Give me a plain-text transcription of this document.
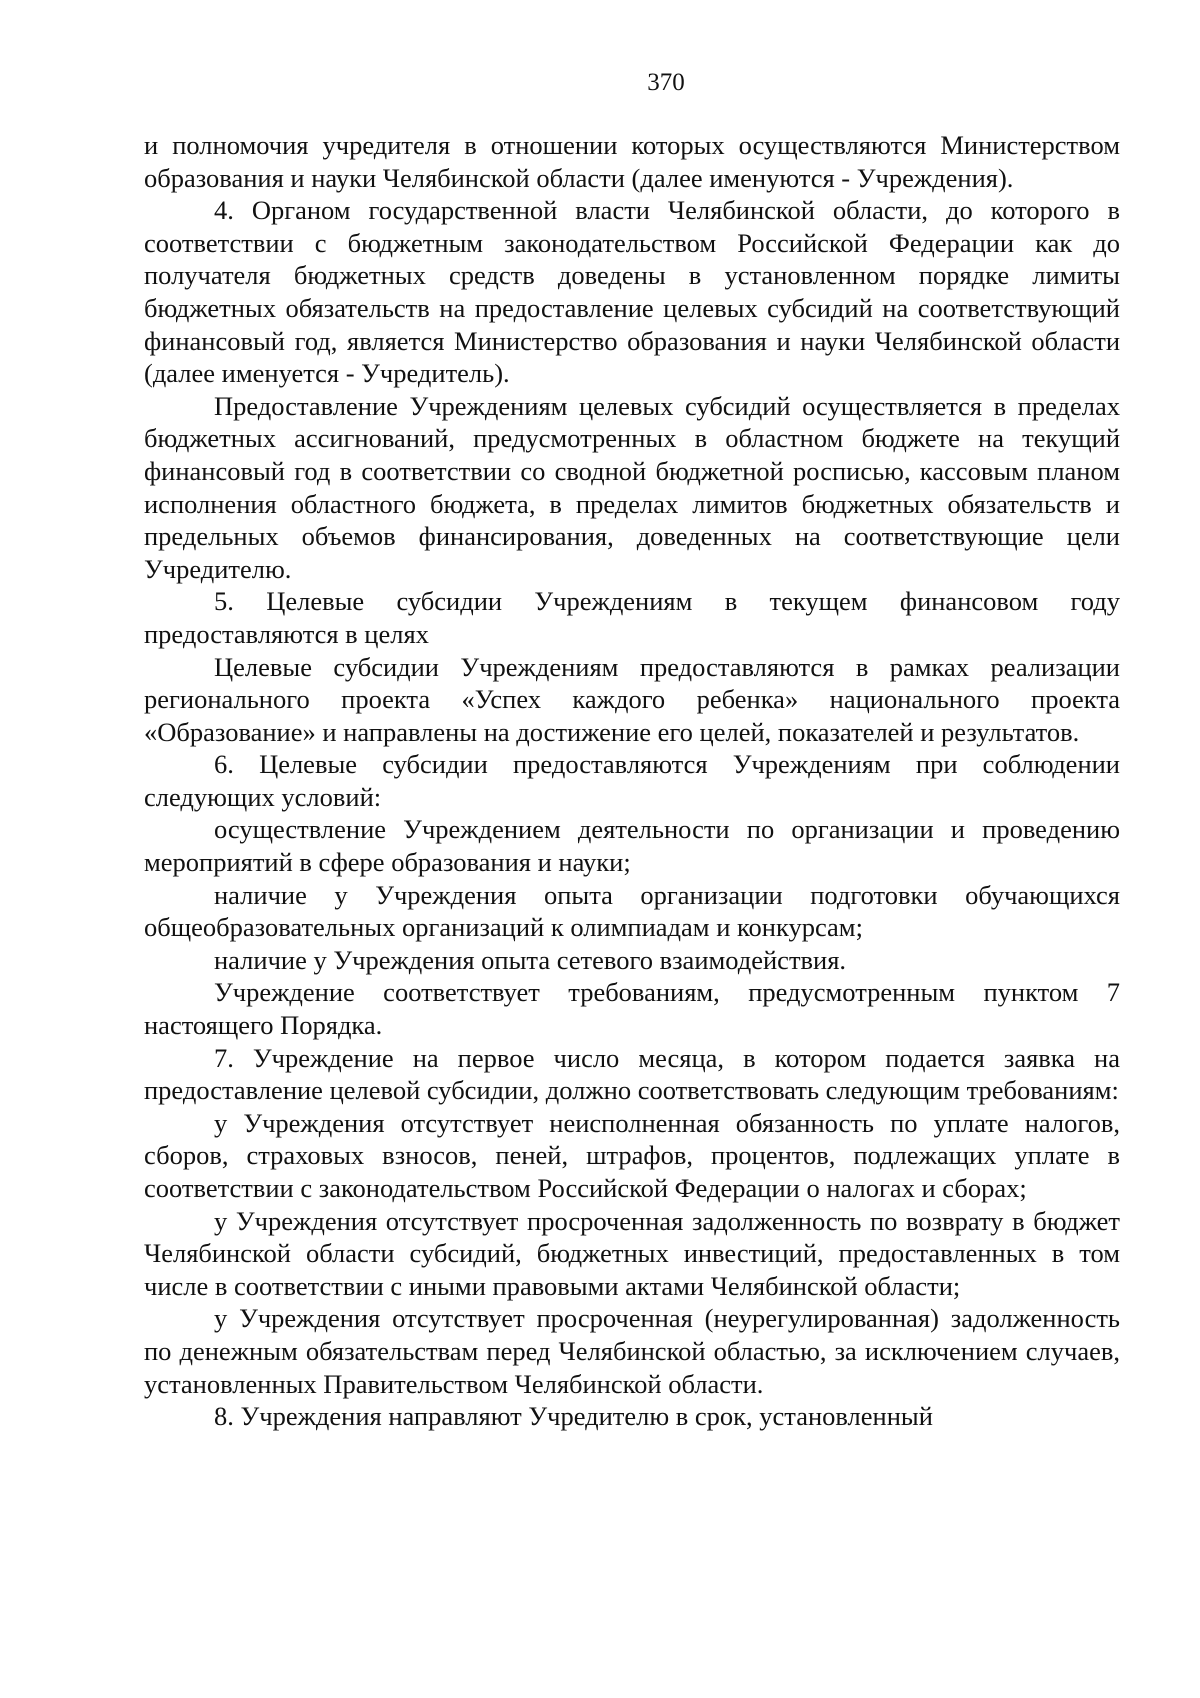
370

и полномочия учредителя в отношении которых осуществляются Министерством образования и науки Челябинской области (далее именуются - Учреждения).

4. Органом государственной власти Челябинской области, до которого в соответствии с бюджетным законодательством Российской Федерации как до получателя бюджетных средств доведены в установленном порядке лимиты бюджетных обязательств на предоставление целевых субсидий на соответствующий финансовый год, является Министерство образования и науки Челябинской области (далее именуется - Учредитель).

Предоставление Учреждениям целевых субсидий осуществляется в пределах бюджетных ассигнований, предусмотренных в областном бюджете на текущий финансовый год в соответствии со сводной бюджетной росписью, кассовым планом исполнения областного бюджета, в пределах лимитов бюджетных обязательств и предельных объемов финансирования, доведенных на соответствующие цели Учредителю.

5. Целевые субсидии Учреждениям в текущем финансовом году предоставляются в целях

Целевые субсидии Учреждениям предоставляются в рамках реализации регионального проекта «Успех каждого ребенка» национального проекта «Образование» и направлены на достижение его целей, показателей и результатов.

6. Целевые субсидии предоставляются Учреждениям при соблюдении следующих условий:

осуществление Учреждением деятельности по организации и проведению мероприятий в сфере образования и науки;

наличие у Учреждения опыта организации подготовки обучающихся общеобразовательных организаций к олимпиадам и конкурсам;

наличие у Учреждения опыта сетевого взаимодействия.

Учреждение соответствует требованиям, предусмотренным пунктом 7 настоящего Порядка.

7. Учреждение на первое число месяца, в котором подается заявка на предоставление целевой субсидии, должно соответствовать следующим требованиям:

у Учреждения отсутствует неисполненная обязанность по уплате налогов, сборов, страховых взносов, пеней, штрафов, процентов, подлежащих уплате в соответствии с законодательством Российской Федерации о налогах и сборах;

у Учреждения отсутствует просроченная задолженность по возврату в бюджет Челябинской области субсидий, бюджетных инвестиций, предоставленных в том числе в соответствии с иными правовыми актами Челябинской области;

у Учреждения отсутствует просроченная (неурегулированная) задолженность по денежным обязательствам перед Челябинской областью, за исключением случаев, установленных Правительством Челябинской области.

8. Учреждения направляют Учредителю в срок, установленный
